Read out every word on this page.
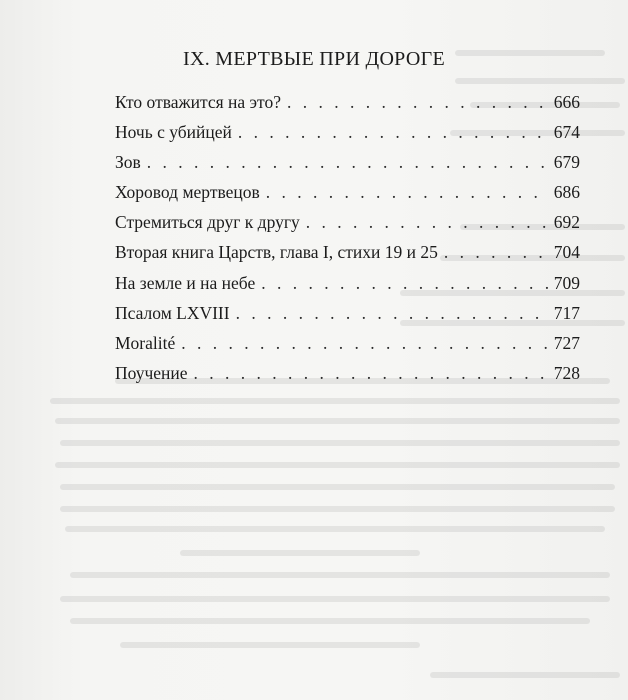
IX. МЕРТВЫЕ ПРИ ДОРОГЕ
Кто отважится на это? . . .	666
Ночь с убийцей . . .	674
Зов . . .	679
Хоровод мертвецов . . .	686
Стремиться друг к другу . . .	692
Вторая книга Царств, глава I, стихи 19 и 25 . . .	704
На земле и на небе . . .	709
Псалом LXVIII . . .	717
Moralité . . .	727
Поучение . . .	728
